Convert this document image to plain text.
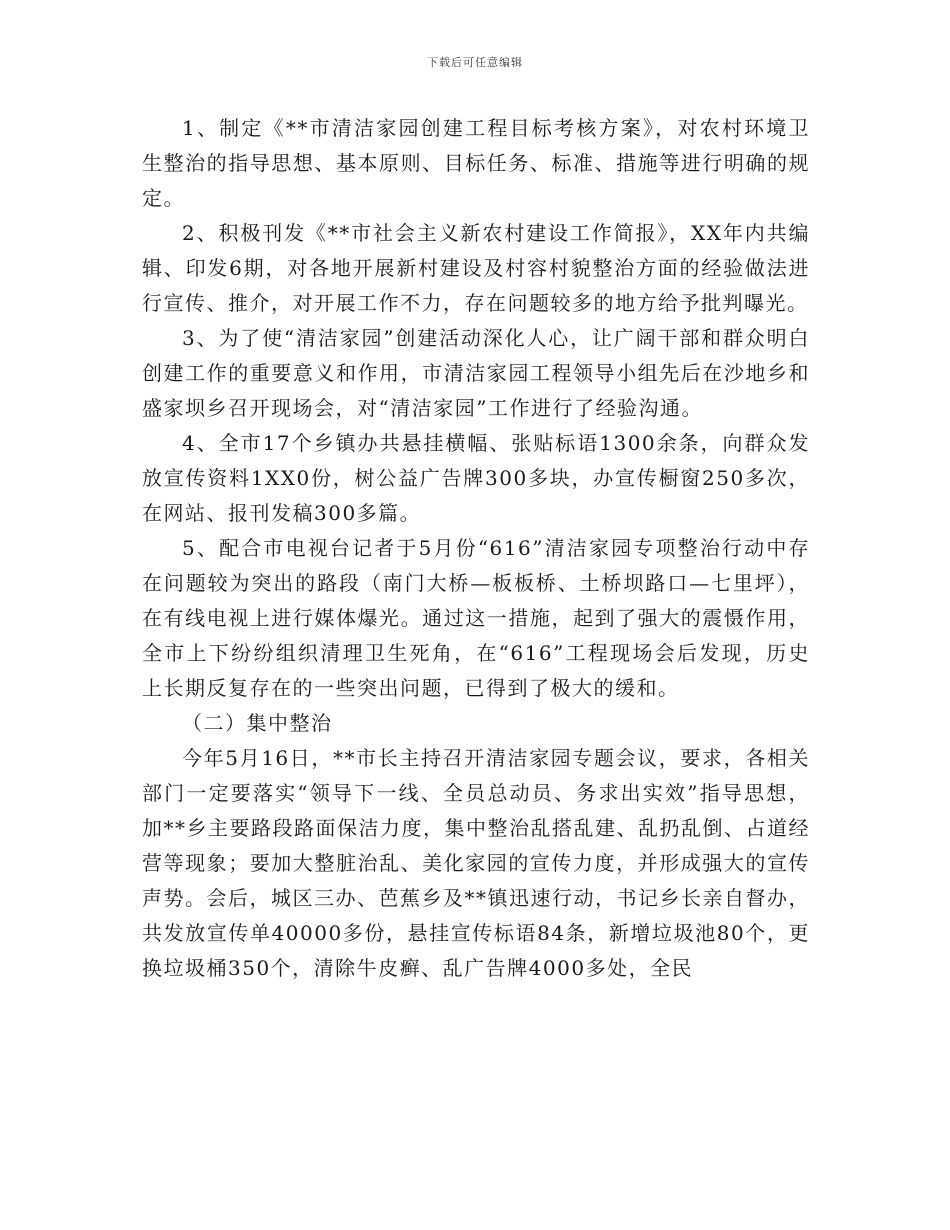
下载后可任意编辑

1、制定《**市清洁家园创建工程目标考核方案》，对农村环境卫生整治的指导思想、基本原则、目标任务、标准、措施等进行明确的规定。

2、积极刊发《**市社会主义新农村建设工作简报》，XX年内共编辑、印发6期，对各地开展新村建设及村容村貌整治方面的经验做法进行宣传、推介，对开展工作不力，存在问题较多的地方给予批判曝光。

3、为了使“清洁家园”创建活动深化人心，让广阔干部和群众明白创建工作的重要意义和作用，市清洁家园工程领导小组先后在沙地乡和盛家坝乡召开现场会，对“清洁家园”工作进行了经验沟通。

4、全市17个乡镇办共悬挂横幅、张贴标语1300余条，向群众发放宣传资料1XX0份，树公益广告牌300多块，办宣传橱窗250多次，在网站、报刊发稿300多篇。

5、配合市电视台记者于5月份“616”清洁家园专项整治行动中存在问题较为突出的路段（南门大桥—板板桥、土桥坝路口—七里坪），在有线电视上进行媒体爆光。通过这一措施，起到了强大的震慑作用，全市上下纷纷组织清理卫生死角，在“616”工程现场会后发现，历史上长期反复存在的一些突出问题，已得到了极大的缓和。

（二）集中整治

今年5月16日，**市长主持召开清洁家园专题会议，要求，各相关部门一定要落实“领导下一线、全员总动员、务求出实效”指导思想，加**乡主要路段路面保洁力度，集中整治乱搭乱建、乱扔乱倒、占道经营等现象；要加大整脏治乱、美化家园的宣传力度，并形成强大的宣传声势。会后，城区三办、芭蕉乡及**镇迅速行动，书记乡长亲自督办，共发放宣传单40000多份，悬挂宣传标语84条，新增垃圾池80个，更换垃圾桶350个，清除牛皮癣、乱广告牌4000多处，全民
